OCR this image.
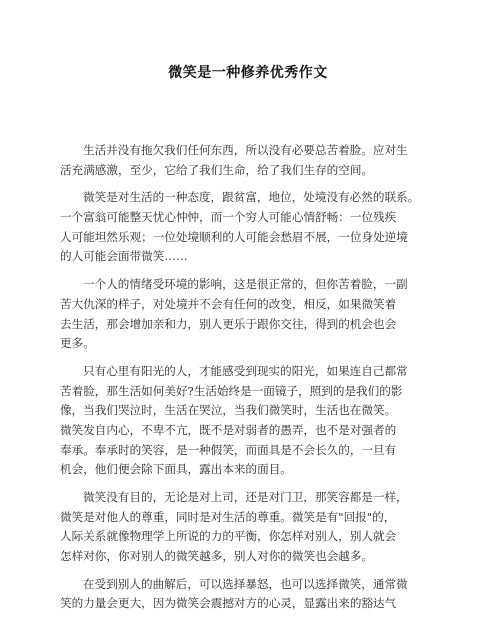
微笑是一种修养优秀作文

生活并没有拖欠我们任何东西，所以没有必要总苦着脸。应对生
活充满感激，至少，它给了我们生命，给了我们生存的空间。

微笑是对生活的一种态度，跟贫富，地位，处境没有必然的联系。
一个富翁可能整天忧心忡忡，而一个穷人可能心情舒畅：一位残疾
人可能坦然乐观；一位处境顺利的人可能会愁眉不展，一位身处逆境
的人可能会面带微笑……

一个人的情绪受环境的影响，这是很正常的，但你苦着脸，一副
苦大仇深的样子，对处境并不会有任何的改变，相反，如果微笑着
去生活，那会增加亲和力，别人更乐于跟你交往，得到的机会也会
更多。

只有心里有阳光的人，才能感受到现实的阳光，如果连自己都常
苦着脸，那生活如何美好?生活始终是一面镜子，照到的是我们的影
像，当我们哭泣时，生活在哭泣，当我们微笑时，生活也在微笑。
微笑发自内心，不卑不亢，既不是对弱者的愚弄，也不是对强者的
奉承。奉承时的笑容，是一种假笑，而面具是不会长久的，一旦有
机会，他们便会除下面具，露出本来的面目。

微笑没有目的，无论是对上司，还是对门卫，那笑容都是一样，
微笑是对他人的尊重，同时是对生活的尊重。微笑是有"回报"的，
人际关系就像物理学上所说的力的平衡，你怎样对别人，别人就会
怎样对你，你对别人的微笑越多，别人对你的微笑也会越多。

在受到别人的曲解后，可以选择暴怒，也可以选择微笑，通常微
笑的力量会更大，因为微笑会震撼对方的心灵，显露出来的豁达气
